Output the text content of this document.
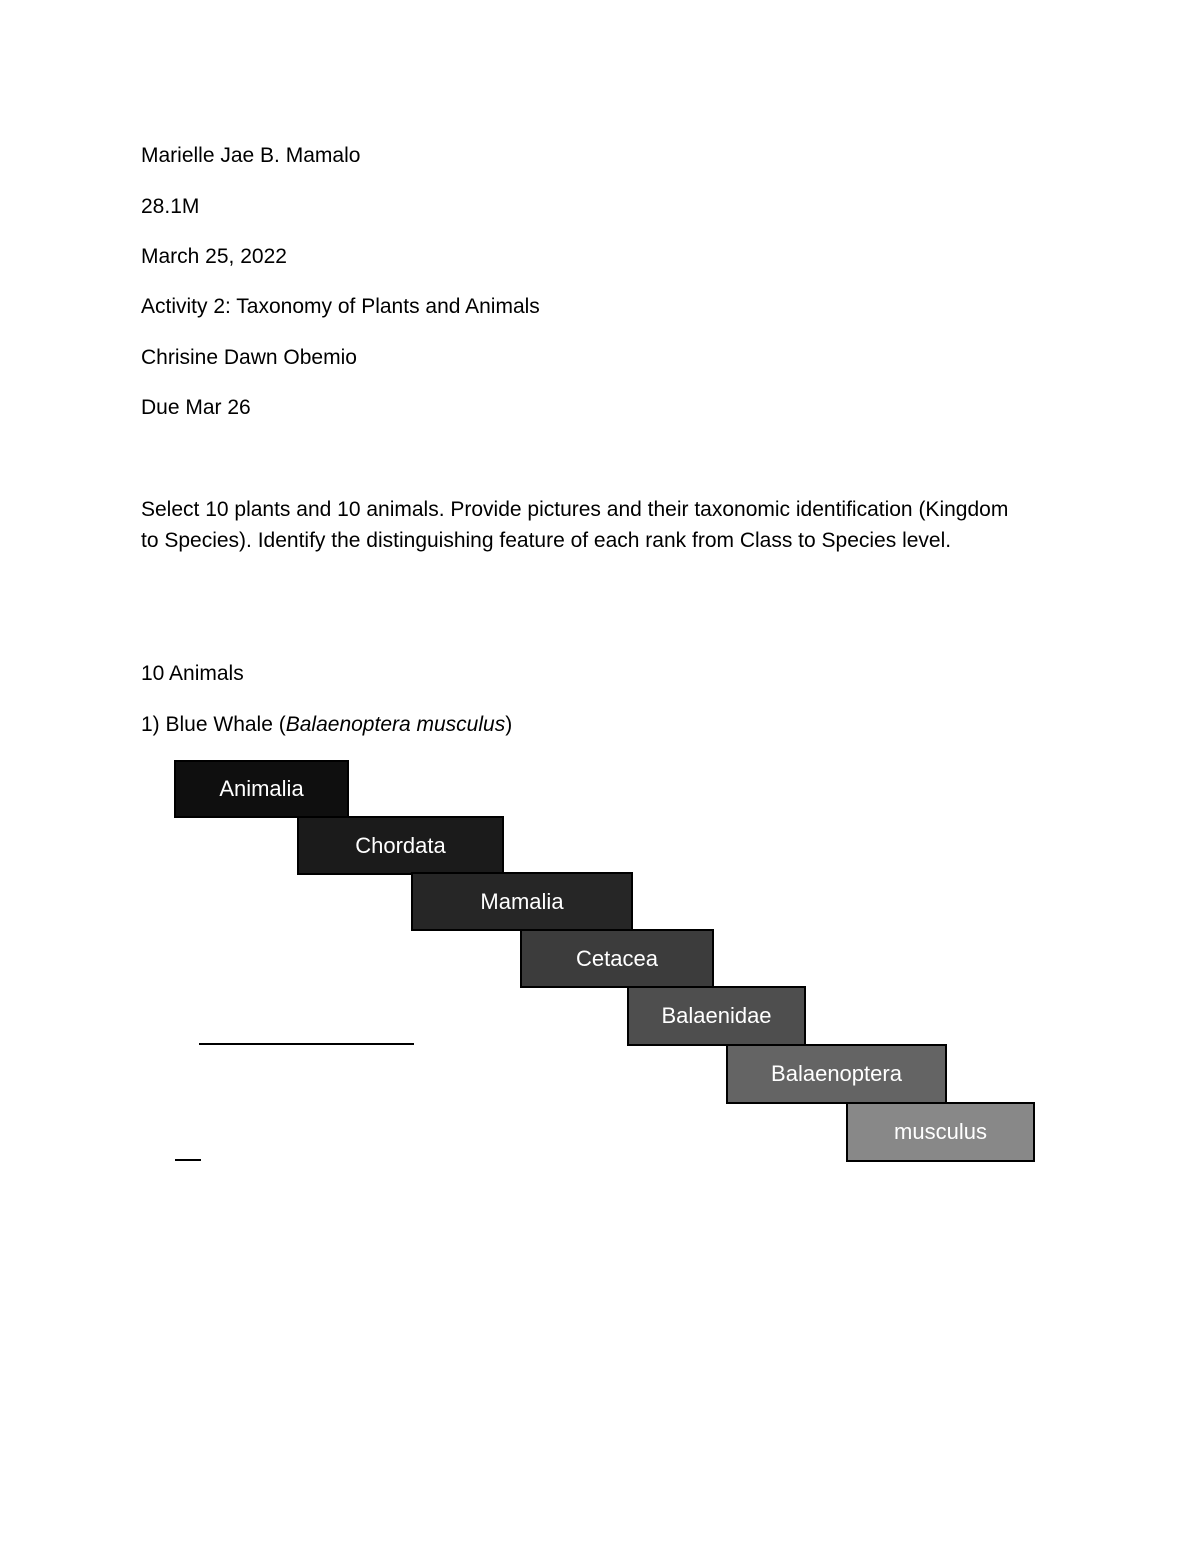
Marielle Jae B. Mamalo
28.1M
March 25, 2022
Activity 2: Taxonomy of Plants and Animals
Chrisine Dawn Obemio
Due Mar 26
Select 10 plants and 10 animals. Provide pictures and their taxonomic identification (Kingdom to Species). Identify the distinguishing feature of each rank from Class to Species level.
10 Animals
1) Blue Whale (Balaenoptera musculus)
Animalia
Chordata
Mamalia
Cetacea
Balaenidae
Balaenoptera
musculus
